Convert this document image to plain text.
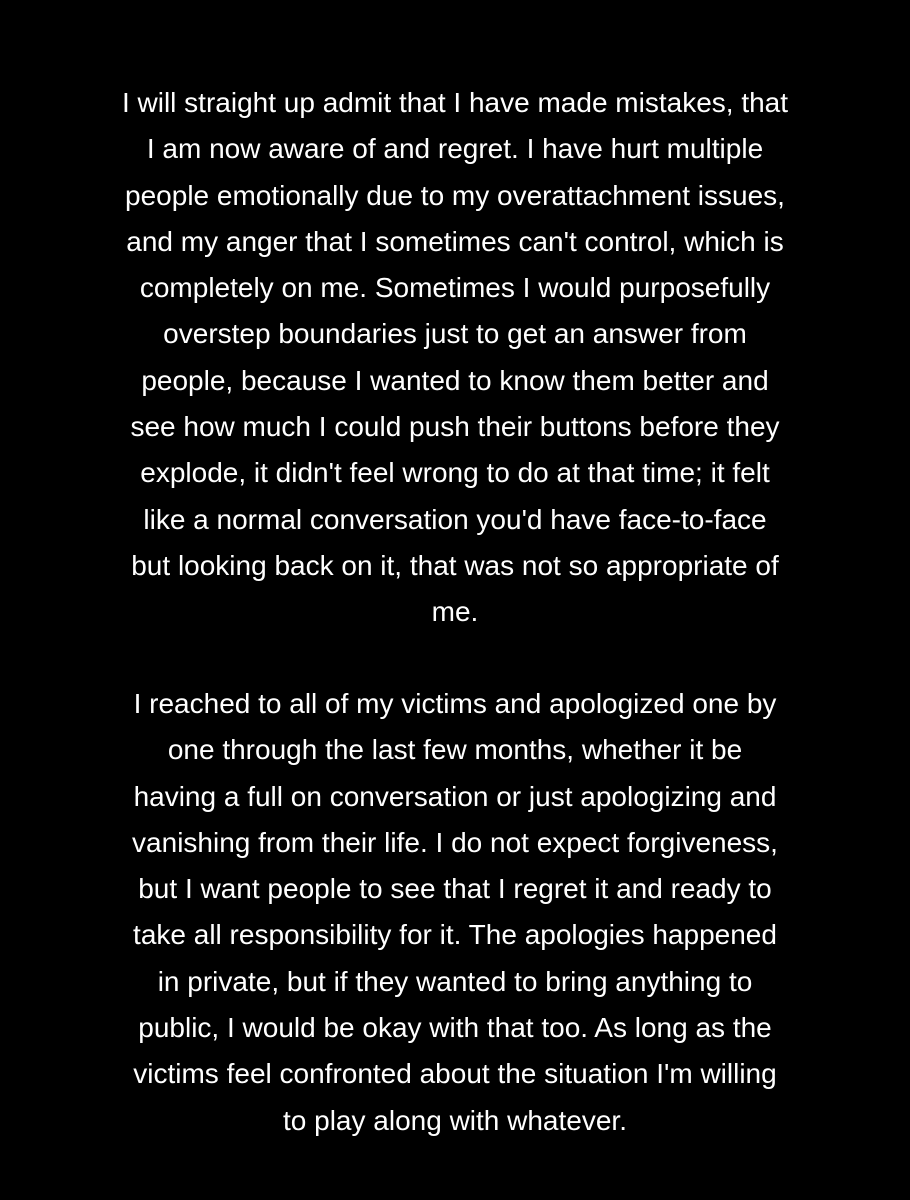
I will straight up admit that I have made mistakes, that
I am now aware of and regret. I have hurt multiple
people emotionally due to my overattachment issues,
and my anger that I sometimes can't control, which is
completely on me. Sometimes I would purposefully
overstep boundaries just to get an answer from
people, because I wanted to know them better and
see how much I could push their buttons before they
explode, it didn't feel wrong to do at that time; it felt
like a normal conversation you'd have face-to-face
but looking back on it, that was not so appropriate of
me.

I reached to all of my victims and apologized one by
one through the last few months, whether it be
having a full on conversation or just apologizing and
vanishing from their life. I do not expect forgiveness,
but I want people to see that I regret it and ready to
take all responsibility for it. The apologies happened
in private, but if they wanted to bring anything to
public, I would be okay with that too. As long as the
victims feel confronted about the situation I'm willing
to play along with whatever.
